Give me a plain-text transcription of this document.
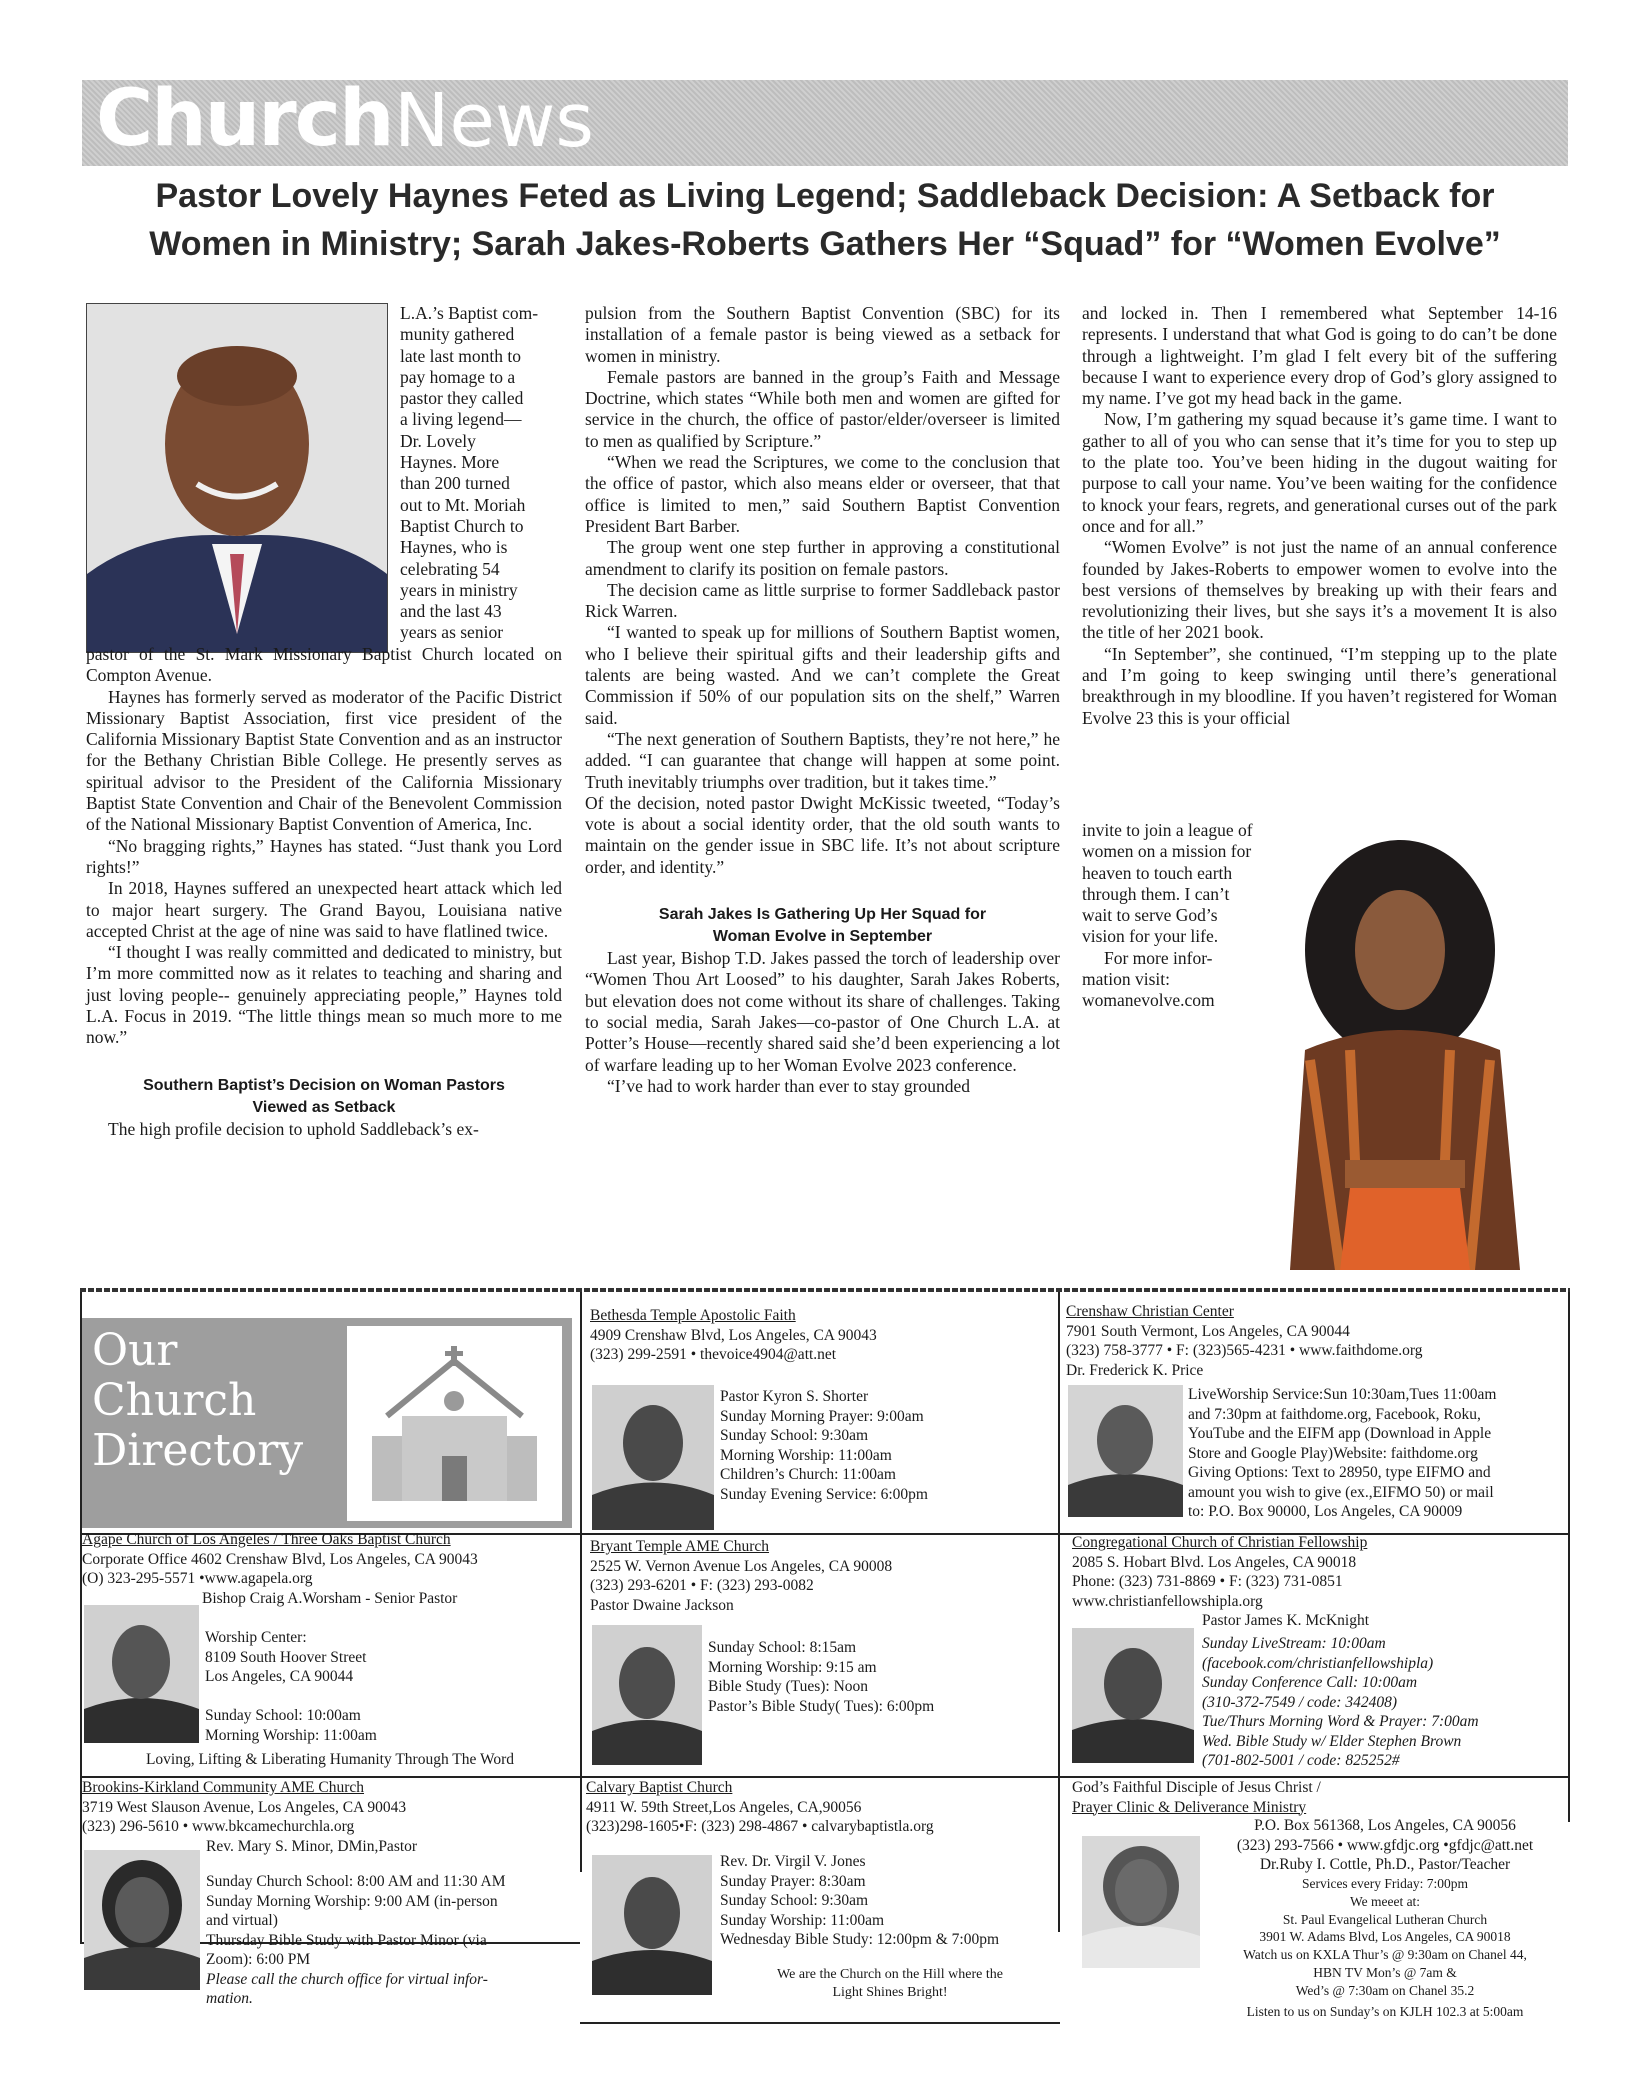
Church News
Pastor Lovely Haynes Feted as Living Legend; Saddleback Decision: A Setback for
Women in Ministry; Sarah Jakes-Roberts Gathers Her “Squad” for “Women Evolve”
L.A.’s Baptist com-
munity gathered
late last month to
pay homage to a
pastor they called
a living legend—
Dr. Lovely
Haynes. More
than 200 turned
out to Mt. Moriah
Baptist Church to
Haynes, who is
celebrating 54
years in ministry
and the last 43
years as senior

pastor of the St. Mark Missionary Baptist Church located on Compton Avenue.

Haynes has formerly served as moderator of the Pacific District Missionary Baptist Association, first vice president of the California Missionary Baptist State Convention and as an instructor for the Bethany Christian Bible College. He presently serves as spiritual advisor to the President of the California Missionary Baptist State Convention and Chair of the Benevolent Commission of the National Missionary Baptist Convention of America, Inc.

“No bragging rights,” Haynes has stated. “Just thank you Lord rights!”

In 2018, Haynes suffered an unexpected heart attack which led to major heart surgery. The Grand Bayou, Louisiana native accepted Christ at the age of nine was said to have flatlined twice.

“I thought I was really committed and dedicated to ministry, but I’m more committed now as it relates to teaching and sharing and just loving people-- genuinely appreciating people,” Haynes told L.A. Focus in 2019. “The little things mean so much more to me now.”

Southern Baptist’s Decision on Woman Pastors
Viewed as Setback

The high profile decision to uphold Saddleback’s ex-

pulsion from the Southern Baptist Convention (SBC) for its installation of a female pastor is being viewed as a setback for women in ministry.

Female pastors are banned in the group’s Faith and Message Doctrine, which states “While both men and women are gifted for service in the church, the office of pastor/elder/overseer is limited to men as qualified by Scripture.”

“When we read the Scriptures, we come to the conclusion that the office of pastor, which also means elder or overseer, that that office is limited to men,” said Southern Baptist Convention President Bart Barber.

The group went one step further in approving a constitutional amendment to clarify its position on female pastors.

The decision came as little surprise to former Saddleback pastor Rick Warren.

“I wanted to speak up for millions of Southern Baptist women, who I believe their spiritual gifts and their leadership gifts and talents are being wasted. And we can’t complete the Great Commission if 50% of our population sits on the shelf,” Warren said.

“The next generation of Southern Baptists, they’re not here,” he added. “I can guarantee that change will happen at some point. Truth inevitably triumphs over tradition, but it takes time.”

Of the decision, noted pastor Dwight McKissic tweeted, “Today’s vote is about a social identity order, that the old south wants to maintain on the gender issue in SBC life. It’s not about scripture order, and identity.”

Sarah Jakes Is Gathering Up Her Squad for
Woman Evolve in September

Last year, Bishop T.D. Jakes passed the torch of leadership over “Women Thou Art Loosed” to his daughter, Sarah Jakes Roberts, but elevation does not come without its share of challenges. Taking to social media, Sarah Jakes—co-pastor of One Church L.A. at Potter’s House—recently shared said she’d been experiencing a lot of warfare leading up to her Woman Evolve 2023 conference.

“I’ve had to work harder than ever to stay grounded

and locked in. Then I remembered what September 14-16 represents. I understand that what God is going to do can’t be done through a lightweight. I’m glad I felt every bit of the suffering because I want to experience every drop of God’s glory assigned to my name. I’ve got my head back in the game.

Now, I’m gathering my squad because it’s game time. I want to gather to all of you who can sense that it’s time for you to step up to the plate too. You’ve been hiding in the dugout waiting for purpose to call your name. You’ve been waiting for the confidence to knock your fears, regrets, and generational curses out of the park once and for all.”

“Women Evolve” is not just the name of an annual conference founded by Jakes-Roberts to empower women to evolve into the best versions of themselves by breaking up with their fears and revolutionizing their lives, but she says it’s a movement It is also the title of her 2021 book.

“In September”, she continued, “I’m stepping up to the plate and I’m going to keep swinging until there’s generational breakthrough in my bloodline. If you haven’t registered for Woman Evolve 23 this is your official

invite to join a league of
women on a mission for
heaven to touch earth
through them. I can’t
wait to serve God’s
vision for your life.
For more infor-
mation visit:
womanevolve.com
Our
Church
Directory
Bethesda Temple Apostolic Faith
4909 Crenshaw Blvd, Los Angeles, CA 90043
(323) 299-2591 • thevoice4904@att.net
Pastor Kyron S. Shorter
Sunday Morning Prayer: 9:00am
Sunday School: 9:30am
Morning Worship: 11:00am
Children’s Church: 11:00am
Sunday Evening Service: 6:00pm
Crenshaw Christian Center
7901 South Vermont, Los Angeles, CA 90044
(323) 758-3777 • F: (323)565-4231 • www.faithdome.org
Dr. Frederick K. Price
LiveWorship Service:Sun 10:30am,Tues 11:00am
and 7:30pm at faithdome.org, Facebook, Roku,
YouTube and the EIFM app (Download in Apple
Store and Google Play)Website: faithdome.org
Giving Options: Text to 28950, type EIFMO and
amount you wish to give (ex.,EIFMO 50) or mail
to: P.O. Box 90000, Los Angeles, CA 90009
Agape Church of Los Angeles / Three Oaks Baptist Church
Corporate Office 4602 Crenshaw Blvd, Los Angeles, CA 90043
(O) 323-295-5571 •www.agapela.org
Bishop Craig A.Worsham - Senior Pastor
Worship Center:
8109 South Hoover Street
Los Angeles, CA 90044
Sunday School: 10:00am
Morning Worship: 11:00am
Loving, Lifting & Liberating Humanity Through The Word
Bryant Temple AME Church
2525 W. Vernon Avenue Los Angeles, CA 90008
(323) 293-6201 • F: (323) 293-0082
Pastor Dwaine Jackson
Sunday School: 8:15am
Morning Worship: 9:15 am
Bible Study (Tues): Noon
Pastor’s Bible Study( Tues): 6:00pm
Congregational Church of Christian Fellowship
2085 S. Hobart Blvd. Los Angeles, CA 90018
Phone: (323) 731-8869 • F: (323) 731-0851
www.christianfellowshipla.org
Pastor James K. McKnight
Sunday LiveStream: 10:00am
(facebook.com/christianfellowshipla)
Sunday Conference Call: 10:00am
(310-372-7549 / code: 342408)
Tue/Thurs Morning Word & Prayer: 7:00am
Wed. Bible Study w/ Elder Stephen Brown
(701-802-5001 / code: 825252#
Brookins-Kirkland Community AME Church
3719 West Slauson Avenue, Los Angeles, CA 90043
(323) 296-5610 • www.bkcamechurchla.org
Rev. Mary S. Minor, DMin,Pastor
Sunday Church School: 8:00 AM and 11:30 AM
Sunday Morning Worship: 9:00 AM (in-person
and virtual)
Thursday Bible Study with Pastor Minor (via
Zoom): 6:00 PM
Please call the church office for virtual infor-
mation.
Calvary Baptist Church
4911 W. 59th Street,Los Angeles, CA,90056
(323)298-1605•F: (323) 298-4867 • calvarybaptistla.org
Rev. Dr. Virgil V. Jones
Sunday Prayer: 8:30am
Sunday School: 9:30am
Sunday Worship: 11:00am
Wednesday Bible Study: 12:00pm & 7:00pm
We are the Church on the Hill where the
Light Shines Bright!
God’s Faithful Disciple of Jesus Christ /
Prayer Clinic & Deliverance Ministry
P.O. Box 561368, Los Angeles, CA 90056
(323) 293-7566 • www.gfdjc.org •gfdjc@att.net
Dr.Ruby I. Cottle, Ph.D., Pastor/Teacher
Services every Friday: 7:00pm
We meeet at:
St. Paul Evangelical Lutheran Church
3901 W. Adams Blvd, Los Angeles, CA 90018
Watch us on KXLA Thur’s @ 9:30am on Chanel 44,
HBN TV Mon’s @ 7am &
Wed’s @ 7:30am on Chanel 35.2
Listen to us on Sunday’s on KJLH 102.3 at 5:00am
